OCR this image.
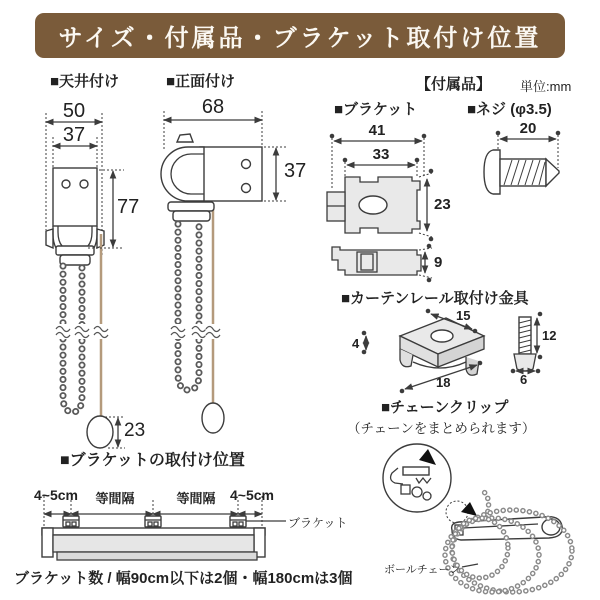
サイズ・付属品・ブラケット取付け位置
■天井付け	■正面付け	【付属品】 単位:mm
50
37
77
23
68
37
■ブラケット
41
33
23
9
■ネジ (φ3.5)
20
■カーテンレール取付け金具
15
4
18
12
6
■チェーンクリップ
（チェーンをまとめられます）
ボールチェーン
■ブラケットの取付け位置
4~5cm 等間隔	等間隔 4~5cm
ブラケット
ブラケット数 / 幅90cm以下は2個・幅180cmは3個
